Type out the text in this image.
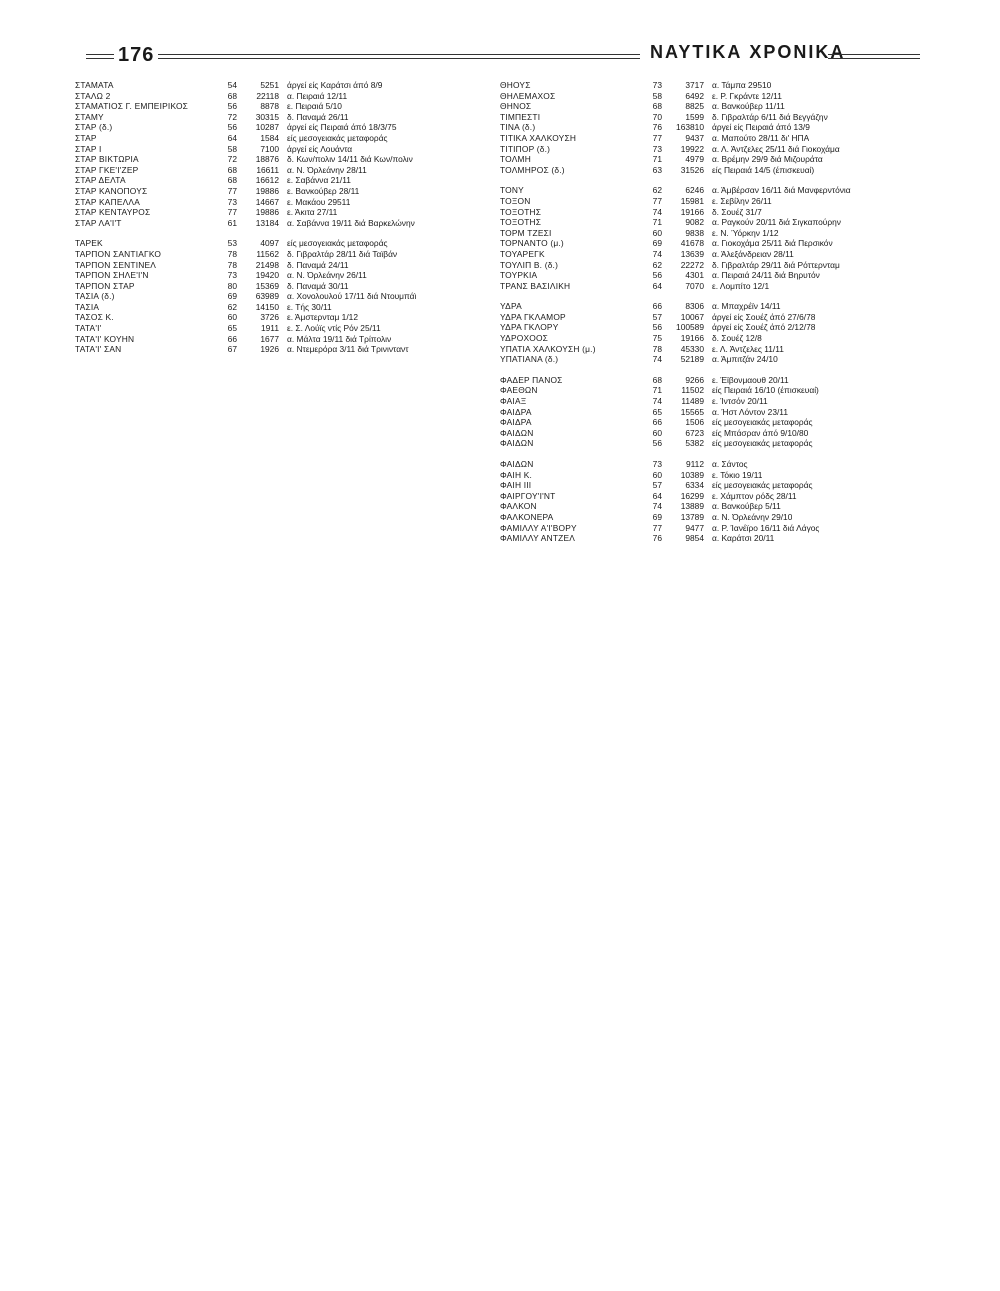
176	ΝΑΥΤΙΚΑ ΧΡΟΝΙΚΑ
ΣΤΑΜΑΤΑ	54	5251 άργεί είς Καράτσι άπό 8/9
ΣΤΑΛΩ 2	68	22118 α. Πειραιά 12/11
ΣΤΑΜΑΤΙΟΣ Γ. ΕΜΠΕΙΡΙΚΟΣ	56	8878 ε. Πειραιά 5/10
ΣΤΑΜΥ	72	30315 δ. Παναμά 26/11
ΣΤΑΡ (δ.)	56	10287 άργεί είς Πειραιά άπό 18/3/75
ΣΤΑΡ	64	1584 είς μεσογειακάς μεταφοράς
ΣΤΑΡ Ι	58	7100 άργεί είς Λουάντα
ΣΤΑΡ ΒΙΚΤΩΡΙΑ	72	18876 δ. Κων/πολιν 14/11 διά Κων/πολιν
ΣΤΑΡ ΓΚΕ'Ι'ΖΕΡ	68	16611 α. Ν. Όρλεάνην 28/11
ΣΤΑΡ ΔΕΛΤΑ	68	16612 ε. Σαβάννα 21/11
ΣΤΑΡ ΚΑΝΟΠΟΥΣ	77	19886 ε. Βανκούβερ 28/11
ΣΤΑΡ ΚΑΠΕΛΛΑ	73	14667 ε. Μακάου 29511
ΣΤΑΡ ΚΕΝΤΑΥΡΟΣ	77	19886 ε. Άκιτα 27/11
ΣΤΑΡ ΛΑ'Ι'Τ	61	13184 α. Σαβάννα 19/11 διά Βαρκελώνην
ΤΑΡΕΚ	53	4097 είς μεσογειακάς μεταφοράς
ΤΑΡΠΟΝ ΣΑΝΤΙΑΓΚΟ	78	11562 δ. Γιβραλτάρ 28/11 διά Ταϊβάν
ΤΑΡΠΟΝ ΣΕΝΤΙΝΕΛ	78	21498 δ. Παναμά 24/11
ΤΑΡΠΟΝ ΣΗΛΕ'Ι'Ν	73	19420 α. Ν. Όρλεάνην 26/11
ΤΑΡΠΟΝ ΣΤΑΡ	80	15369 δ. Παναμά 30/11
ΤΑΣΙΑ (δ.)	69	63989 α. Χονολουλού 17/11 διά Ντουμπάϊ
ΤΑΣΙΑ	62	14150 ε. Τής 30/11
ΤΑΣΟΣ Κ.	60	3726 ε. Άμστερνταμ 1/12
ΤΑΤΑ'Ι'	65	1911 ε. Σ. Λούϊς ντίς Ρόν 25/11
ΤΑΤΑ'Ι' ΚΟΥΗΝ	66	1677 α. Μάλτα 19/11 διά Τρίπολιν
ΤΑΤΑ'Ι' ΣΑΝ	67	1926 α. Ντεμερόρα 3/11 διά Τρινινταντ
ΘΗΟΥΣ	73	3717 α. Τάμπα 29510
ΘΗΛΕΜΑΧΟΣ	58	6492 ε. Ρ. Γκράντε 12/11
ΘΗΝΟΣ	68	8825 α. Βανκούβερ 11/11
ΤΙΜΠΕΣΤΙ	70	1599 δ. Γιβραλτάρ 6/11 διά Βεγγάζην
ΤΙΝΑ (δ.)	76	163810 άργεί είς Πειραιά άπό 13/9
ΤΙΤΙΚΑ ΧΑΛΚΟΥΣΗ	77	9437 α. Μαπούτο 28/11 δι' ΗΠΑ
ΤΙΤΙΠΟΡ (δ.)	73	19922 α. Λ. Άντζελες 25/11 διά Γιοκοχάμα
ΤΟΛΜΗ	71	4979 α. Βρέμην 29/9 διά Μιζουράτα
ΤΟΛΜΗΡΟΣ (δ.)	63	31526 είς Πειραιά 14/5 (έπισκευαί)
ΤΟΝΥ	62	6246 α. Άμβέρσαν 16/11 διά Μανφερντόνια
ΤΟΞΟΝ	77	15981 ε. Σεβίλην 26/11
ΤΟΞΟΤΗΣ	74	19166 δ. Σουέζ 31/7
ΤΟΞΟΤΗΣ	71	9082 α. Ραγκούν 20/11 διά Σιγκαπούρην
ΤΟΡΜ ΤΖΕΣΙ	60	9838 ε. Ν. Ύόρκην 1/12
ΤΟΡΝΑΝΤΟ (μ.)	69	41678 α. Γιοκοχάμα 25/11 διά Περσικόν
ΤΟΥΑΡΕΓΚ	74	13639 α. Άλεξάνδρειαν 28/11
ΤΟΥΛΙΠ Β. (δ.)	62	22272 δ. Γιβραλτάρ 29/11 διά Ρόττερνταμ
ΤΟΥΡΚΙΑ	56	4301 α. Πειραιά 24/11 διά Βηρυτόν
ΤΡΑΝΣ ΒΑΣΙΛΙΚΗ	64	7070 ε. Λομπίτο 12/1
ΥΔΡΑ	66	8306 α. Μπαχρέϊν 14/11
ΥΔΡΑ ΓΚΛΑΜΟΡ	57	10067 άργεί είς Σουέζ άπό 27/6/78
ΥΔΡΑ ΓΚΛΟΡΥ	56	100589 άργεί είς Σουέζ άπό 2/12/78
ΥΔΡΟΧΟΟΣ	75	19166 δ. Σουέζ 12/8
ΥΠΑΤΙΑ ΧΑΛΚΟΥΣΗ (μ.)	78	45330 ε. Λ. Άντζελες 11/11
ΥΠΑΤΙΑΝΑ (δ.)	74	52189 α. Άμπιτζάν 24/10
ΦΑΔΕΡ ΠΑΝΟΣ	68	9266 ε. Έϊβονμαουθ 20/11
ΦΑΕΘΩΝ	71	11502 είς Πειραιά 16/10 (έπισκευαί)
ΦΑΙΑΞ	74	11489 ε. Ίντσόν 20/11
ΦΑΙΔΡΑ	65	15565 α. Ήστ Λόντον 23/11
ΦΑΙΔΡΑ	66	1506 είς μεσογειακάς μεταφοράς
ΦΑΙΔΩΝ	60	6723 είς Μπάσραν άπό 9/10/80
ΦΑΙΔΩΝ	56	5382 είς μεσογειακάς μεταφοράς
ΦΑΙΔΩΝ	73	9112 α. Σάντος
ΦΑΙΗ Κ.	60	10389 ε. Τόκιο 19/11
ΦΑΙΗ ΙΙΙ	57	6334 είς μεσογειακάς μεταφοράς
ΦΑΙΡΓΟΥ'Ι'ΝΤ	64	16299 ε. Χάμπτον ρόδς 28/11
ΦΑΛΚΟΝ	74	13889 α. Βανκούβερ 5/11
ΦΑΛΚΟΝΕΡΑ	69	13789 α. Ν. Όρλεάνην 29/10
ΦΑΜΙΛΛΥ Α'Ι'ΒΟΡΥ	77	9477 α. Ρ. Ίανέϊρο 16/11 διά Λάγος
ΦΑΜΙΛΛΥ ΑΝΤΖΕΛ	76	9854 α. Καράτσι 20/11
